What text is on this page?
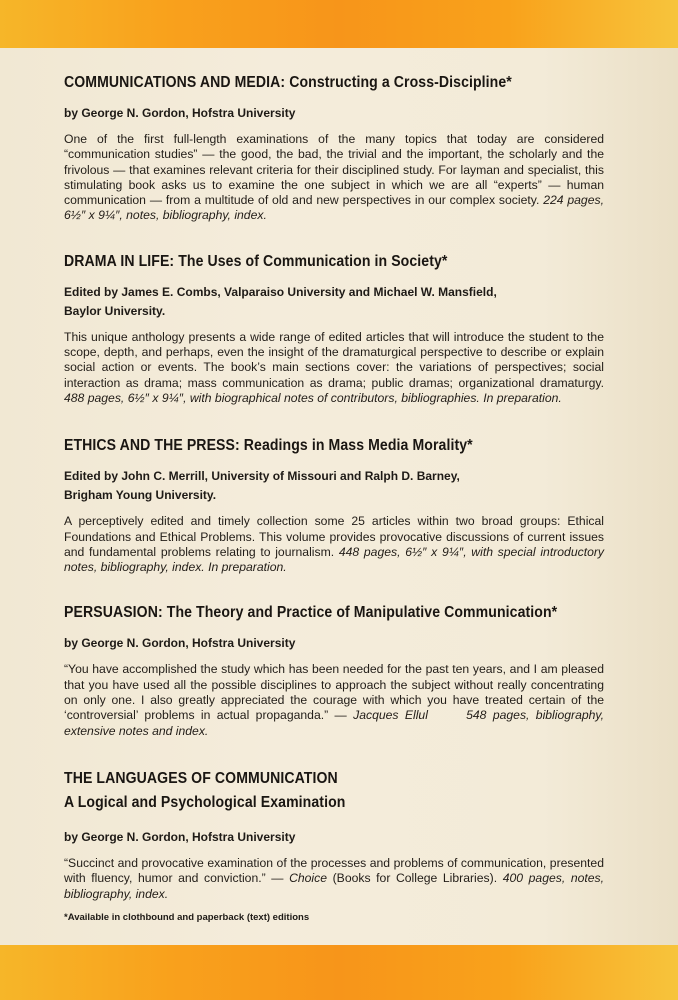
COMMUNICATIONS AND MEDIA: Constructing a Cross-Discipline*
by George N. Gordon, Hofstra University
One of the first full-length examinations of the many topics that today are considered “communication studies” — the good, the bad, the trivial and the important, the scholarly and the frivolous — that examines relevant criteria for their disciplined study. For layman and specialist, this stimulating book asks us to examine the one subject in which we are all “experts” — human communication — from a multitude of old and new perspectives in our complex society. 224 pages, 6½″ x 9¼″, notes, bibliography, index.
DRAMA IN LIFE: The Uses of Communication in Society*
Edited by James E. Combs, Valparaiso University and Michael W. Mansfield,
Baylor University.
This unique anthology presents a wide range of edited articles that will introduce the student to the scope, depth, and perhaps, even the insight of the dramaturgical perspective to describe or explain social action or events. The book’s main sections cover: the variations of perspectives; social interaction as drama; mass communication as drama; public dramas; organizational dramaturgy. 488 pages, 6½″ x 9¼″, with biographical notes of contributors, bibliographies. In preparation.
ETHICS AND THE PRESS: Readings in Mass Media Morality*
Edited by John C. Merrill, University of Missouri and Ralph D. Barney,
Brigham Young University.
A perceptively edited and timely collection some 25 articles within two broad groups: Ethical Foundations and Ethical Problems. This volume provides provocative discussions of current issues and fundamental problems relating to journalism. 448 pages, 6½″ x 9¼″, with special introductory notes, bibliography, index. In preparation.
PERSUASION: The Theory and Practice of Manipulative Communication*
by George N. Gordon, Hofstra University
“You have accomplished the study which has been needed for the past ten years, and I am pleased that you have used all the possible disciplines to approach the subject without really concentrating on only one. I also greatly appreciated the courage with which you have treated certain of the ‘controversial’ problems in actual propaganda.” — Jacques Ellul	548 pages, bibliography, extensive notes and index.
THE LANGUAGES OF COMMUNICATION
A Logical and Psychological Examination
by George N. Gordon, Hofstra University
“Succinct and provocative examination of the processes and problems of communication, presented with fluency, humor and conviction.” — Choice (Books for College Libraries). 400 pages, notes, bibliography, index.
*Available in clothbound and paperback (text) editions
